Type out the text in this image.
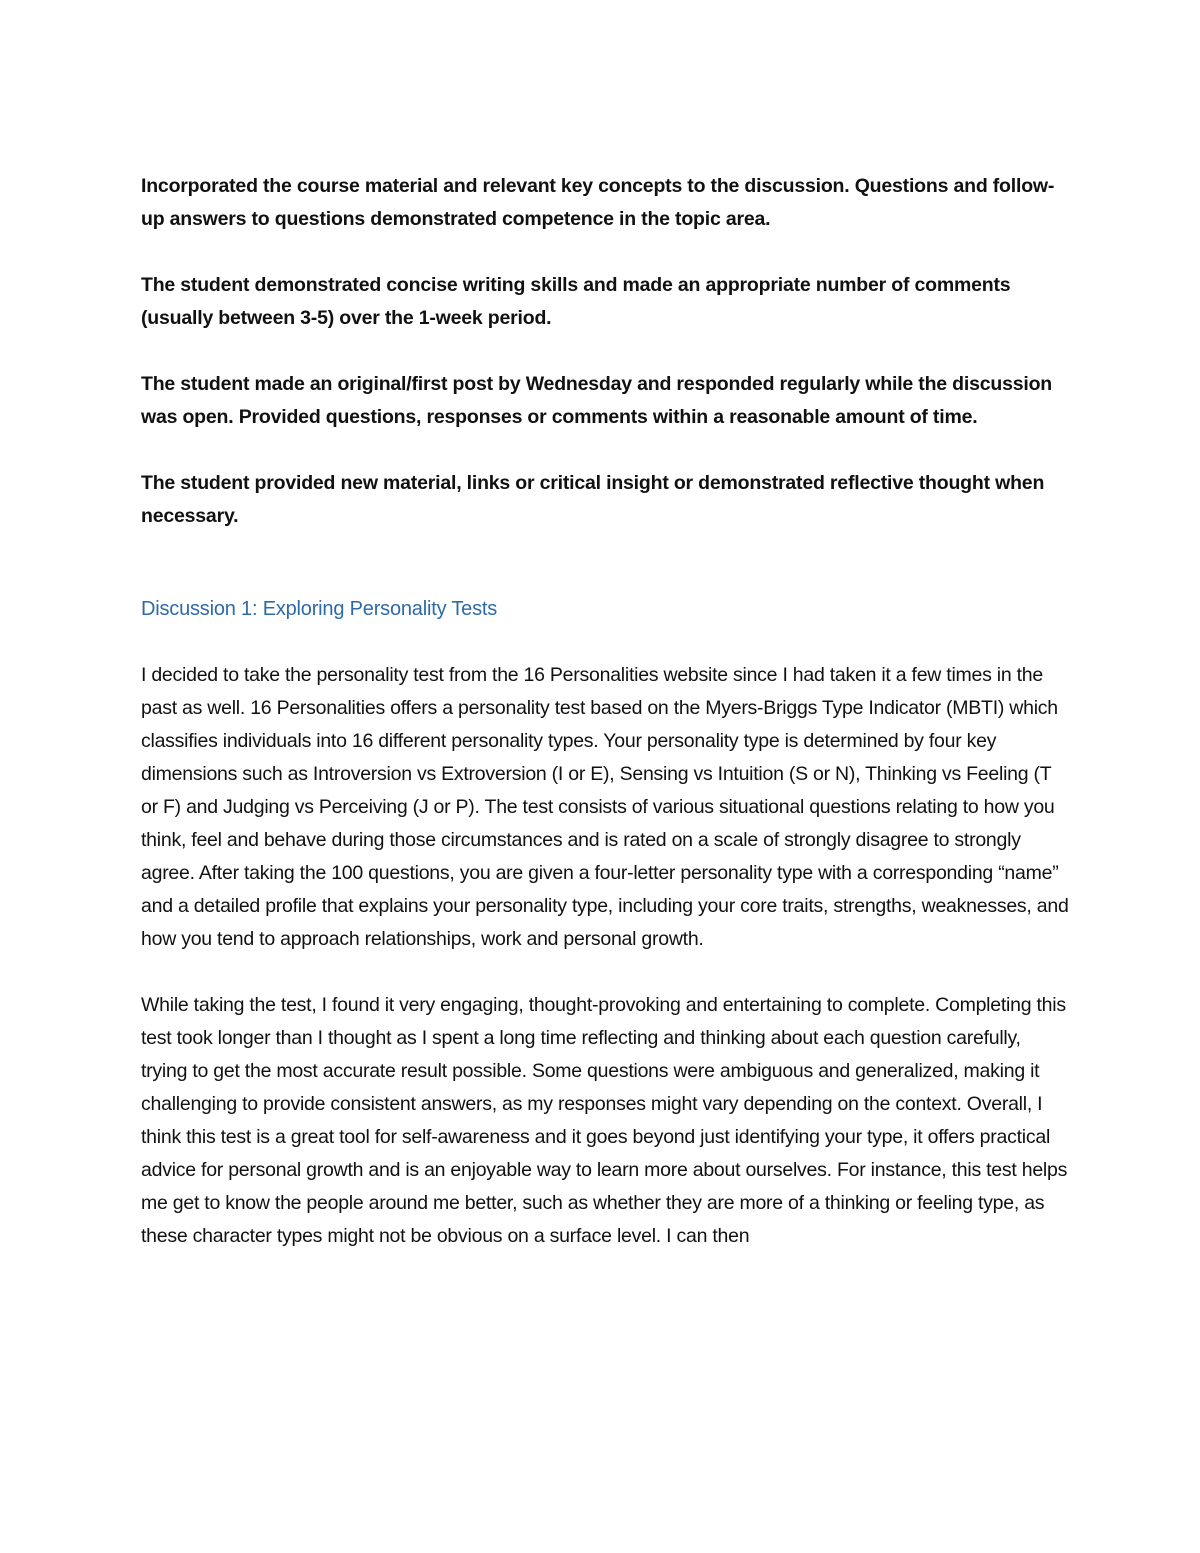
Incorporated the course material and relevant key concepts to the discussion. Questions and follow-up answers to questions demonstrated competence in the topic area.

The student demonstrated concise writing skills and made an appropriate number of comments (usually between 3-5) over the 1-week period.

The student made an original/first post by Wednesday and responded regularly while the discussion was open. Provided questions, responses or comments within a reasonable amount of time.

The student provided new material, links or critical insight or demonstrated reflective thought when necessary.

Discussion 1: Exploring Personality Tests

I decided to take the personality test from the 16 Personalities website since I had taken it a few times in the past as well. 16 Personalities offers a personality test based on the Myers-Briggs Type Indicator (MBTI) which classifies individuals into 16 different personality types. Your personality type is determined by four key dimensions such as Introversion vs Extroversion (I or E), Sensing vs Intuition (S or N), Thinking vs Feeling (T or F) and Judging vs Perceiving (J or P). The test consists of various situational questions relating to how you think, feel and behave during those circumstances and is rated on a scale of strongly disagree to strongly agree. After taking the 100 questions, you are given a four-letter personality type with a corresponding “name” and a detailed profile that explains your personality type, including your core traits, strengths, weaknesses, and how you tend to approach relationships, work and personal growth.

While taking the test, I found it very engaging, thought-provoking and entertaining to complete. Completing this test took longer than I thought as I spent a long time reflecting and thinking about each question carefully, trying to get the most accurate result possible. Some questions were ambiguous and generalized, making it challenging to provide consistent answers, as my responses might vary depending on the context. Overall, I think this test is a great tool for self-awareness and it goes beyond just identifying your type, it offers practical advice for personal growth and is an enjoyable way to learn more about ourselves. For instance, this test helps me get to know the people around me better, such as whether they are more of a thinking or feeling type, as these character types might not be obvious on a surface level. I can then
